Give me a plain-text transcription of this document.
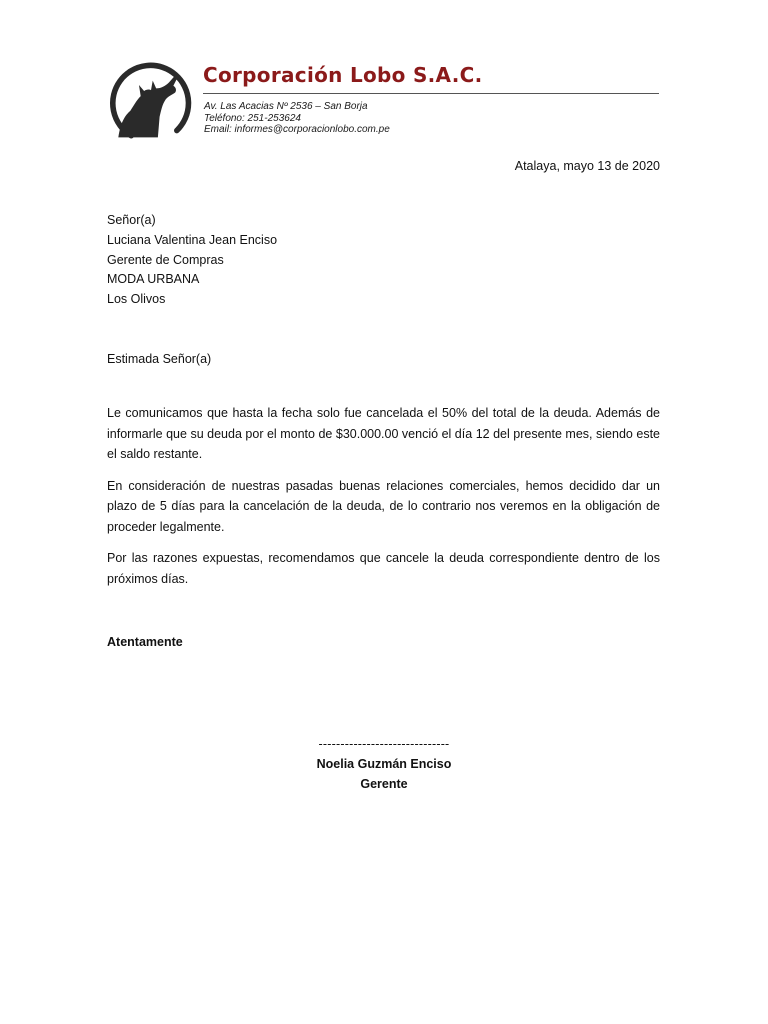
Corporación Lobo S.A.C.
Av. Las Acacias Nº 2536 – San Borja
Teléfono: 251-253624
Email: informes@corporacionlobo.com.pe
Atalaya, mayo 13 de 2020
Señor(a)
Luciana Valentina Jean Enciso
Gerente de Compras
MODA URBANA
Los Olivos
Estimada Señor(a)

Le comunicamos que hasta la fecha solo fue cancelada el 50% del total de la deuda. Además de informarle que su deuda por el monto de $30.000.00 venció el día 12 del presente mes, siendo este el saldo restante.

En consideración de nuestras pasadas buenas relaciones comerciales, hemos decidido dar un plazo de 5 días para la cancelación de la deuda, de lo contrario nos veremos en la obligación de proceder legalmente.

Por las razones expuestas, recomendamos que cancele la deuda correspondiente dentro de los próximos días.

Atentamente
------------------------------
Noelia Guzmán Enciso
Gerente
